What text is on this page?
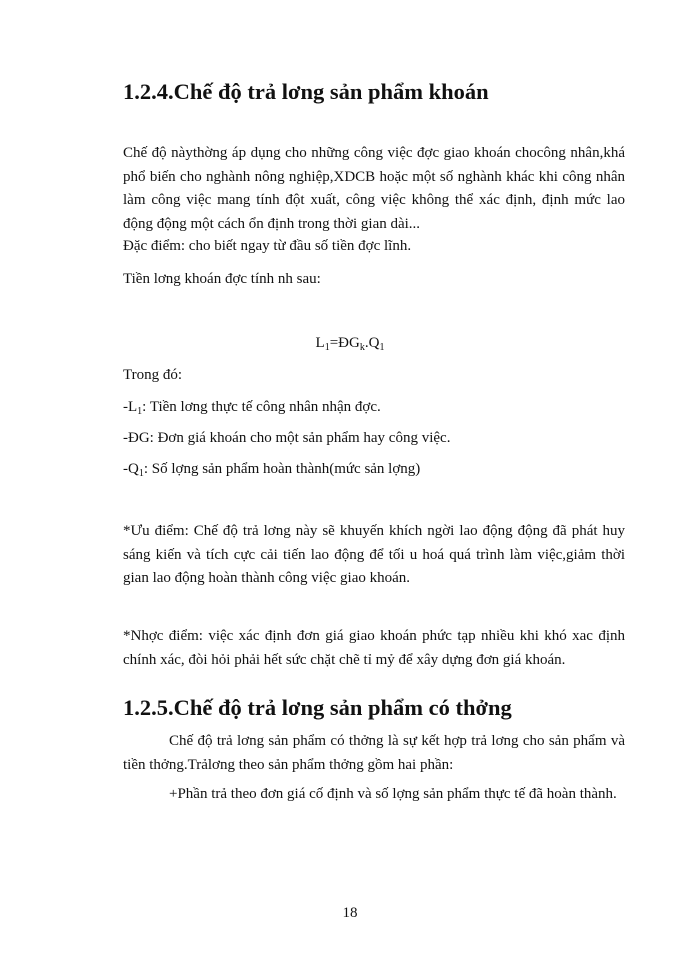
1.2.4.Chế độ trả lơng sản phẩm khoán

Chế độ nàythờng áp dụng cho những công việc đợc giao khoán chocông nhân,khá phổ biến cho nghành nông nghiệp,XDCB hoặc một số nghành khác khi công nhân làm công việc mang tính đột xuất, công việc không thể xác định, định mức lao động động một cách ổn định trong thời gian dài...

Đặc điểm: cho biết ngay từ đầu số tiền đợc lĩnh.

Tiền lơng khoán đợc tính nh sau:

$L_1=ĐG_k.Q_1$

Trong đó:

$-L_1$: Tiền lơng thực tế công nhân nhận đợc.

-ĐG: Đơn giá khoán cho một sản phẩm hay công việc.

$-Q_1$: Số lợng sản phẩm hoàn thành(mức sản lợng)

*Ưu điểm: Chế độ trả lơng này sẽ khuyến khích ngời lao động động đã phát huy sáng kiến và tích cực cải tiến lao động để tối u hoá quá trình làm việc,giảm thời gian lao động hoàn thành công việc giao khoán.

*Nhợc điểm: việc xác định đơn giá giao khoán phức tạp nhiều khi khó xac định chính xác, đòi hỏi phải hết sức chặt chẽ tỉ mỷ để xây dựng đơn giá khoán.

1.2.5.Chế độ trả lơng sản phẩm có thởng

Chế độ trả lơng sản phẩm có thởng là sự kết hợp trả lơng cho sản phẩm và tiền thởng.Trảlơng theo sản phẩm thởng gồm hai phần:

+Phần trả theo đơn giá cố định và số lợng sản phẩm thực tế đã hoàn thành.

18
